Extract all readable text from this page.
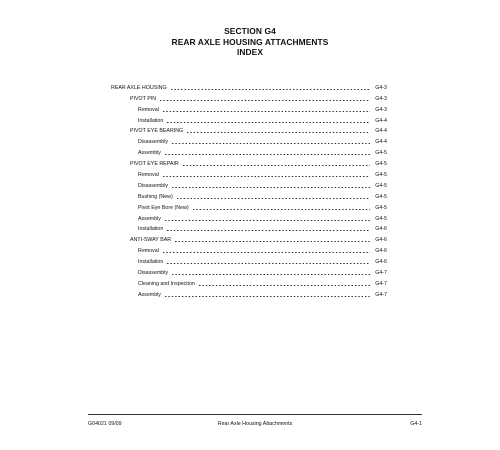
SECTION G4
REAR AXLE HOUSING ATTACHMENTS
INDEX
REAR AXLE HOUSING	G4-3
PIVOT PIN	G4-3
Removal	G4-3
Installation	G4-4
PIVOT EYE BEARING	G4-4
Disassembly	G4-4
Assembly	G4-5
PIVOT EYE REPAIR	G4-5
Removal	G4-5
Disassembly	G4-5
Bushing (New)	G4-5
Pivot Eye Bore (New)	G4-5
Assembly	G4-5
Installation	G4-6
ANTI-SWAY BAR	G4-6
Removal	G4-6
Installation	G4-6
Disassembly	G4-7
Cleaning and Inspection	G4-7
Assembly	G4-7
G04021 09/09	Rear Axle Housing Attachments	G4-1
